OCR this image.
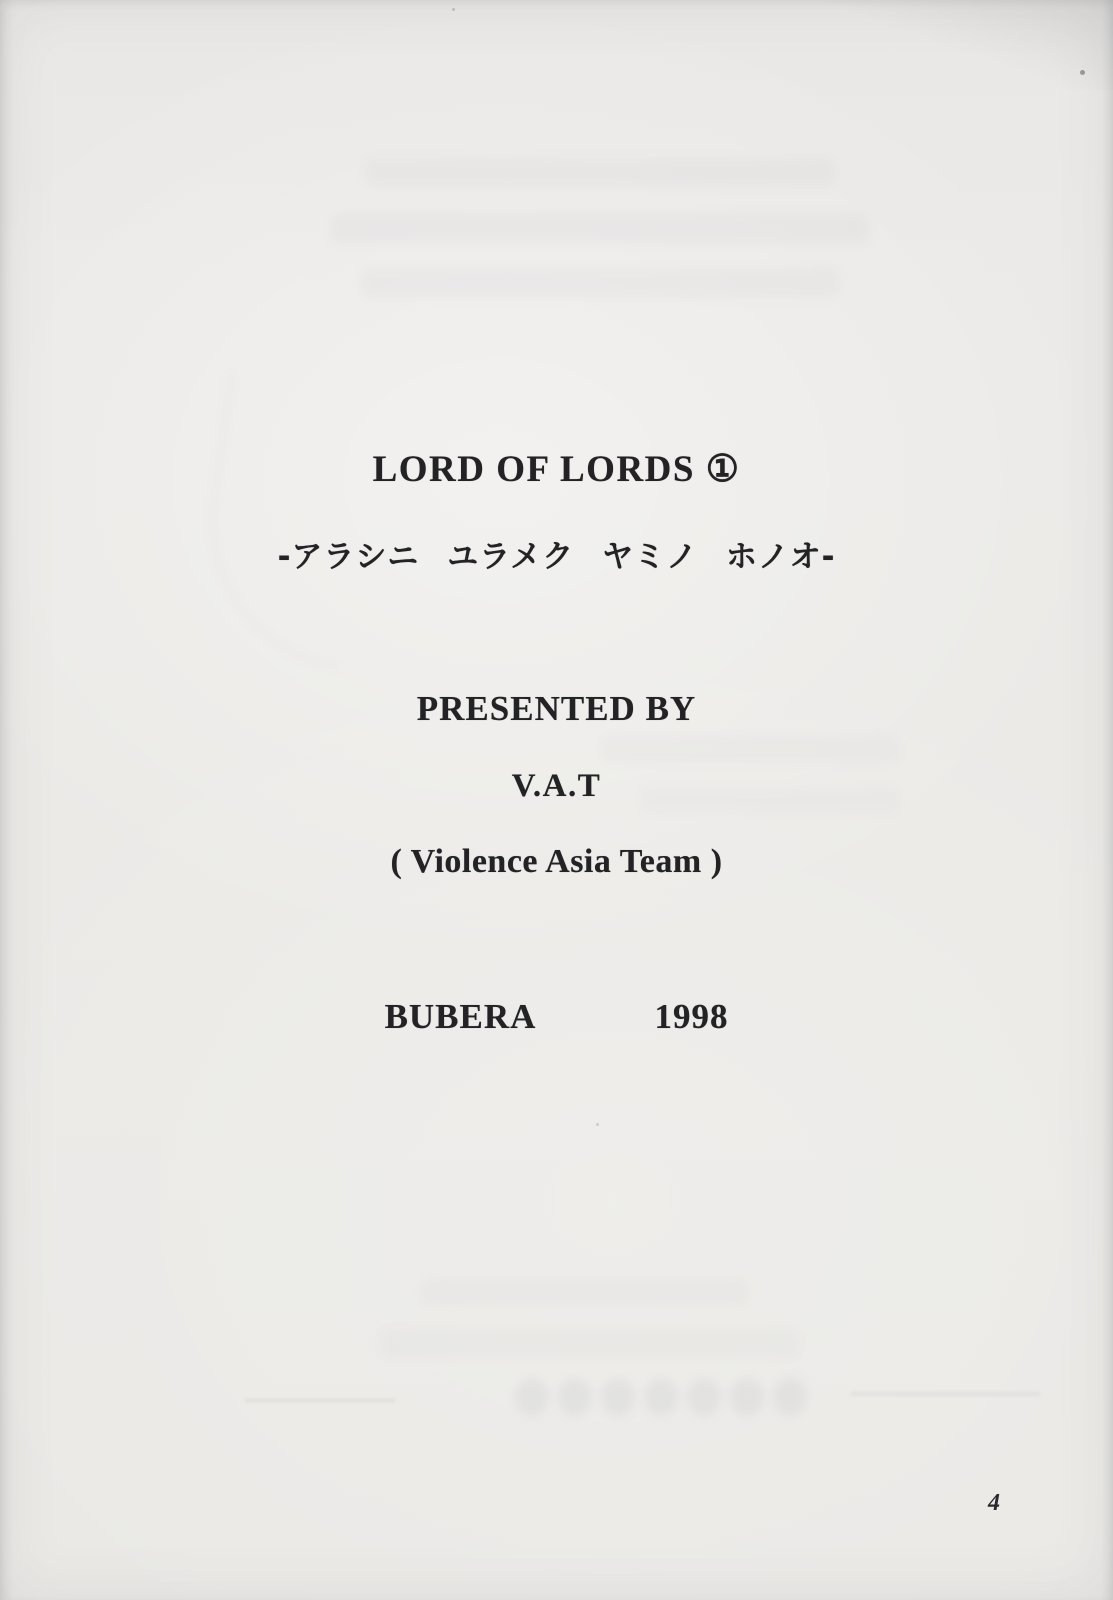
LORD OF LORDS ①
-アラシニ ユラメク ヤミノ ホノオ-
PRESENTED BY
V.A.T
( Violence Asia Team )
BUBERA	1998
4
